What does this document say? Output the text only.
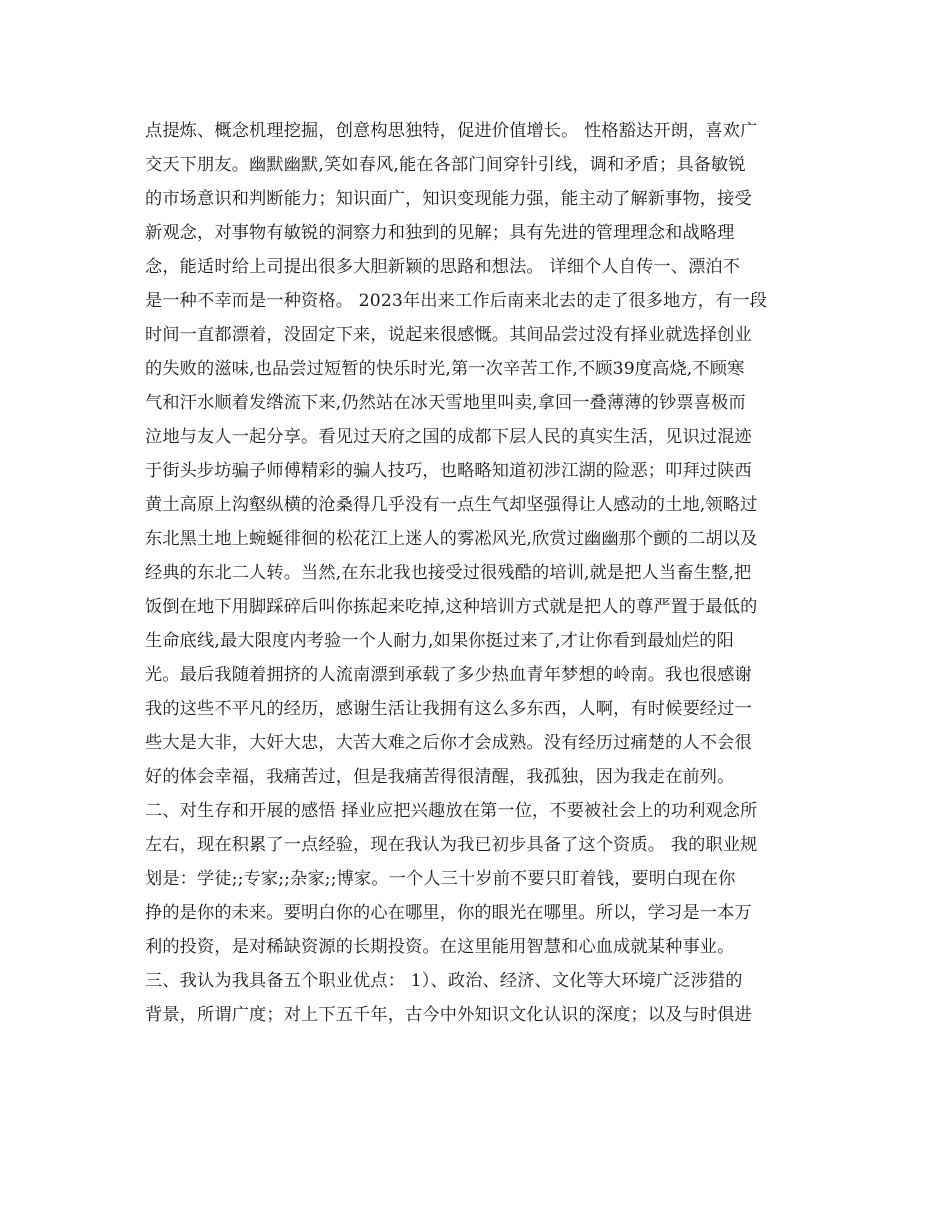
点提炼、概念机理挖掘，创意构思独特，促进价值增长。 性格豁达开朗，喜欢广
交天下朋友。幽默幽默,笑如春风,能在各部门间穿针引线，调和矛盾；具备敏锐
的市场意识和判断能力；知识面广，知识变现能力强，能主动了解新事物，接受
新观念，对事物有敏锐的洞察力和独到的见解；具有先进的管理理念和战略理
念，能适时给上司提出很多大胆新颖的思路和想法。 详细个人自传一、漂泊不
是一种不幸而是一种资格。 2023年出来工作后南来北去的走了很多地方，有一段
时间一直都漂着，没固定下来，说起来很感慨。其间品尝过没有择业就选择创业
的失败的滋味,也品尝过短暂的快乐时光,第一次辛苦工作,不顾39度高烧,不顾寒
气和汗水顺着发绺流下来,仍然站在冰天雪地里叫卖,拿回一叠薄薄的钞票喜极而
泣地与友人一起分享。看见过天府之国的成都下层人民的真实生活，见识过混迹
于街头步坊骗子师傅精彩的骗人技巧，也略略知道初涉江湖的险恶；叩拜过陕西
黄土高原上沟壑纵横的沧桑得几乎没有一点生气却坚强得让人感动的土地,领略过
东北黑土地上蜿蜒徘徊的松花江上迷人的雾凇风光,欣赏过幽幽那个颤的二胡以及
经典的东北二人转。当然,在东北我也接受过很残酷的培训,就是把人当畜生整,把
饭倒在地下用脚踩碎后叫你拣起来吃掉,这种培训方式就是把人的尊严置于最低的
生命底线,最大限度内考验一个人耐力,如果你挺过来了,才让你看到最灿烂的阳
光。最后我随着拥挤的人流南漂到承载了多少热血青年梦想的岭南。我也很感谢
我的这些不平凡的经历，感谢生活让我拥有这么多东西，人啊，有时候要经过一
些大是大非，大奸大忠，大苦大难之后你才会成熟。没有经历过痛楚的人不会很
好的体会幸福，我痛苦过，但是我痛苦得很清醒，我孤独，因为我走在前列。
二、对生存和开展的感悟 择业应把兴趣放在第一位，不要被社会上的功利观念所
左右，现在积累了一点经验，现在我认为我已初步具备了这个资质。 我的职业规
划是：学徒;;专家;;杂家;;博家。一个人三十岁前不要只盯着钱，要明白现在你
挣的是你的未来。要明白你的心在哪里，你的眼光在哪里。所以，学习是一本万
利的投资，是对稀缺资源的长期投资。在这里能用智慧和心血成就某种事业。
三、我认为我具备五个职业优点： 1）、政治、经济、文化等大环境广泛涉猎的
背景，所谓广度；对上下五千年，古今中外知识文化认识的深度；以及与时俱进
